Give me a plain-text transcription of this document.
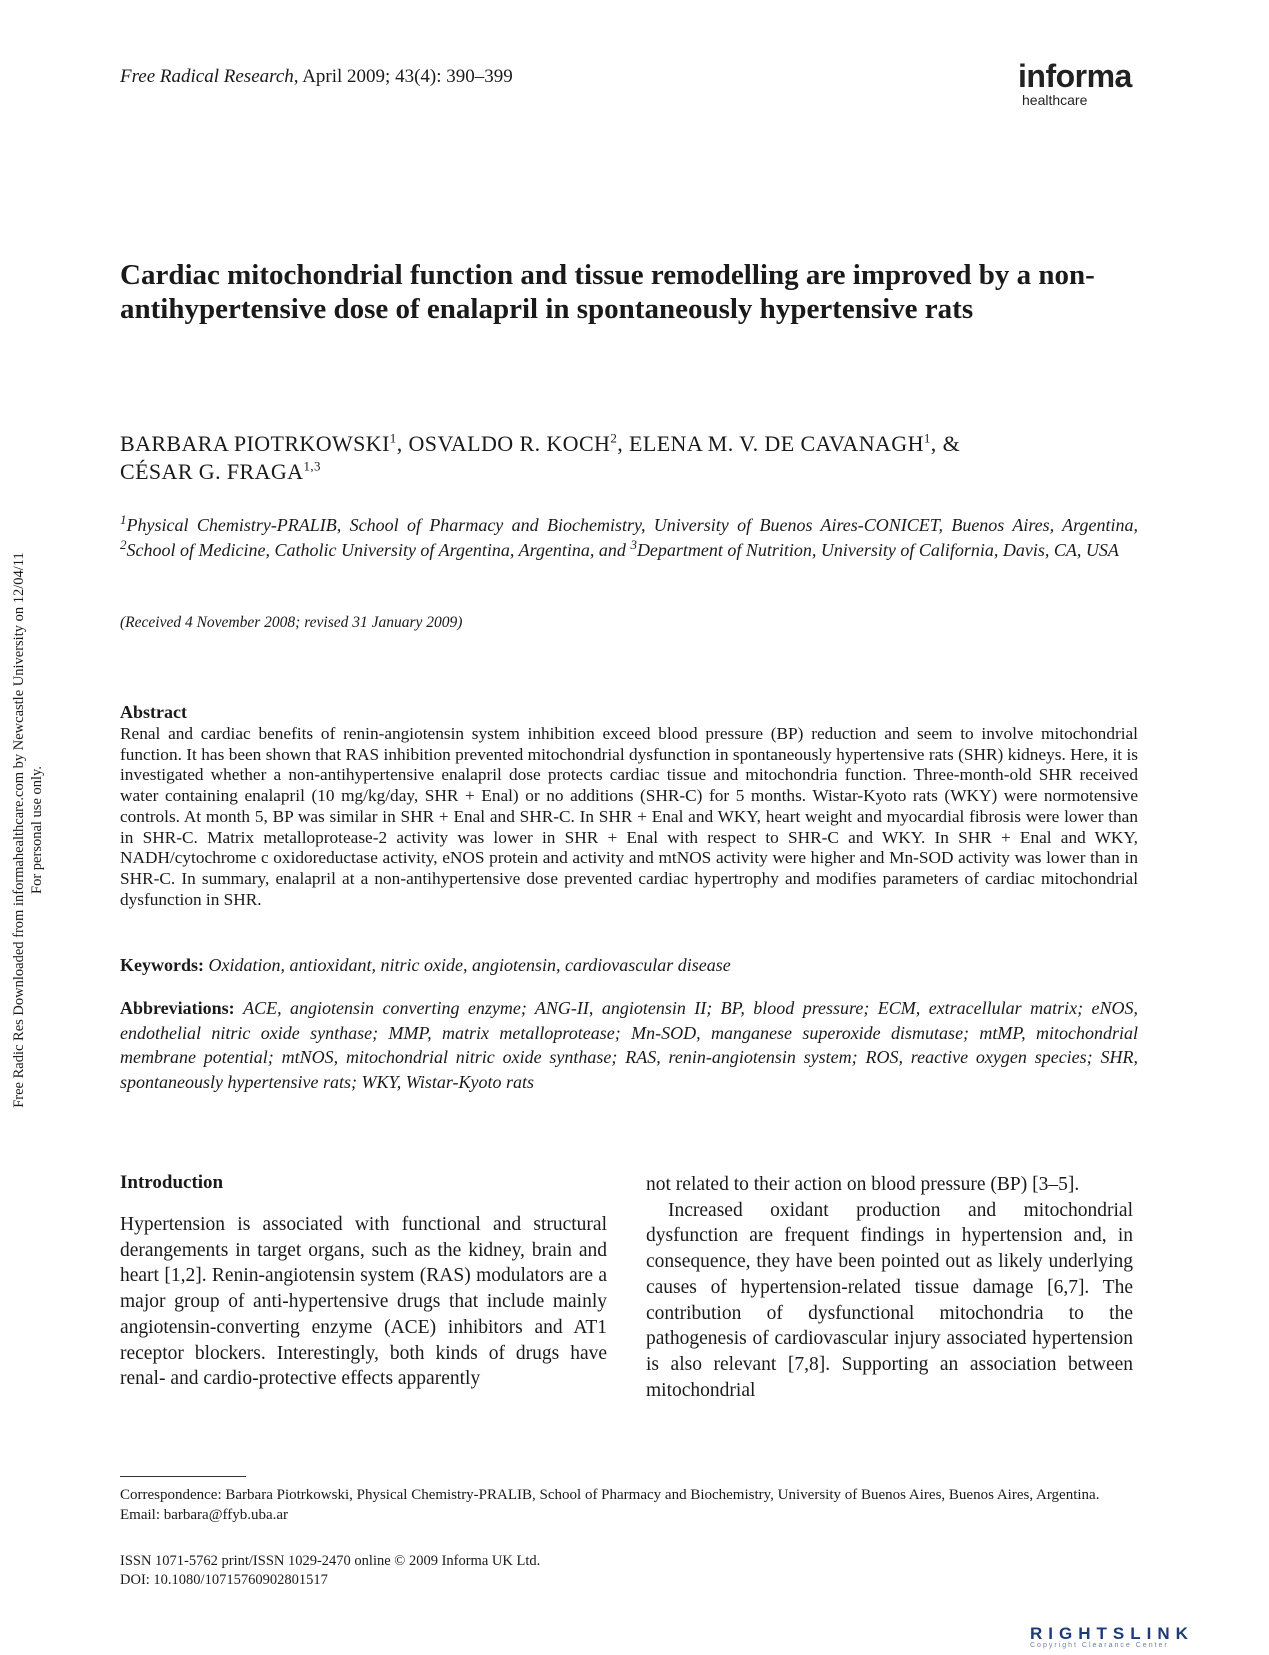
Free Radical Research, April 2009; 43(4): 390–399	informa
healthcare
Free Radic Res Downloaded from informahealthcare.com by Newcastle University on 12/04/11 For personal use only.
Cardiac mitochondrial function and tissue remodelling are improved by a non-antihypertensive dose of enalapril in spontaneously hypertensive rats
BARBARA PIOTRKOWSKI$^1$, OSVALDO R. KOCH$^2$, ELENA M. V. DE CAVANAGH$^1$, &
CÉSAR G. FRAGA$^{1,3}$
$^1$Physical Chemistry-PRALIB, School of Pharmacy and Biochemistry, University of Buenos Aires-CONICET, Buenos Aires, Argentina, $^2$School of Medicine, Catholic University of Argentina, Argentina, and $^3$Department of Nutrition, University of California, Davis, CA, USA
(Received 4 November 2008; revised 31 January 2009)
Abstract
Renal and cardiac benefits of renin-angiotensin system inhibition exceed blood pressure (BP) reduction and seem to involve mitochondrial function. It has been shown that RAS inhibition prevented mitochondrial dysfunction in spontaneously hypertensive rats (SHR) kidneys. Here, it is investigated whether a non-antihypertensive enalapril dose protects cardiac tissue and mitochondria function. Three-month-old SHR received water containing enalapril (10 mg/kg/day, SHR + Enal) or no additions (SHR-C) for 5 months. Wistar-Kyoto rats (WKY) were normotensive controls. At month 5, BP was similar in SHR + Enal and SHR-C. In SHR + Enal and WKY, heart weight and myocardial fibrosis were lower than in SHR-C. Matrix metalloprotease-2 activity was lower in SHR + Enal with respect to SHR-C and WKY. In SHR + Enal and WKY, NADH/cytochrome c oxidoreductase activity, eNOS protein and activity and mtNOS activity were higher and Mn-SOD activity was lower than in SHR-C. In summary, enalapril at a non-antihypertensive dose prevented cardiac hypertrophy and modifies parameters of cardiac mitochondrial dysfunction in SHR.
Keywords: Oxidation, antioxidant, nitric oxide, angiotensin, cardiovascular disease
Abbreviations: ACE, angiotensin converting enzyme; ANG-II, angiotensin II; BP, blood pressure; ECM, extracellular matrix; eNOS, endothelial nitric oxide synthase; MMP, matrix metalloprotease; Mn-SOD, manganese superoxide dismutase; mtMP, mitochondrial membrane potential; mtNOS, mitochondrial nitric oxide synthase; RAS, renin-angiotensin system; ROS, reactive oxygen species; SHR, spontaneously hypertensive rats; WKY, Wistar-Kyoto rats
Introduction

Hypertension is associated with functional and structural derangements in target organs, such as the kidney, brain and heart [1,2]. Renin-angiotensin system (RAS) modulators are a major group of anti-hypertensive drugs that include mainly angiotensin-converting enzyme (ACE) inhibitors and AT1 receptor blockers. Interestingly, both kinds of drugs have renal- and cardio-protective effects apparently

not related to their action on blood pressure (BP) [3–5].

Increased oxidant production and mitochondrial dysfunction are frequent findings in hypertension and, in consequence, they have been pointed out as likely underlying causes of hypertension-related tissue damage [6,7]. The contribution of dysfunctional mitochondria to the pathogenesis of cardiovascular injury associated hypertension is also relevant [7,8]. Supporting an association between mitochondrial

Correspondence: Barbara Piotrkowski, Physical Chemistry-PRALIB, School of Pharmacy and Biochemistry, University of Buenos Aires, Buenos Aires, Argentina. Email: barbara@ffyb.uba.ar
ISSN 1071-5762 print/ISSN 1029-2470 online © 2009 Informa UK Ltd.
DOI: 10.1080/10715760902801517
RIGHTSLINK
Copyright Clearance Center
